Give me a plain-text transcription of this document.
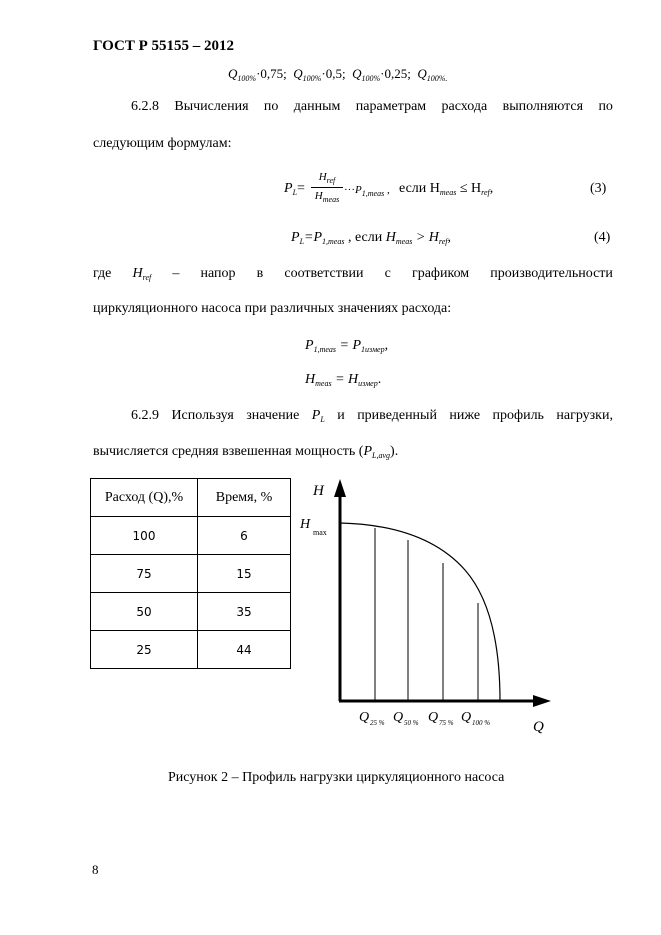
ГОСТ Р 55155 – 2012
$Q_{100\%}\cdot 0,75$; $Q_{100\%}\cdot 0,5$; $Q_{100\%}\cdot 0,25$; $Q_{100\%.}$
6.2.8 Вычисления по данным параметрам расхода выполняются по
следующим формулам:
$P_L=$
$H_{ref}$
$H_{meas}$
$\cdot\cdot\cdot P_{1,meas}$ , если $H_{meas} \le H_{ref}$,	(3)
$P_L=P_{1,meas}$ , если $H_{meas} > H_{ref}$,	(4)
где $H_{ref}$ – напор в соответствии с графиком производительности
циркуляционного насоса при различных значениях расхода:
$P_{1,meas} = P_{1измер}$,
$H_{meas} = H_{измер}$.
6.2.9 Используя значение $P_L$ и приведенный ниже профиль нагрузки,
вычисляется средняя взвешенная мощность $(P_{L,avg})$.
Расход (Q),%	Время, %
100	6
75	15
50	35
25	44
H
H
max
Q
Q 25 % Q 50 % Q 75 % Q 100 %
Рисунок 2 – Профиль нагрузки циркуляционного насоса
8
